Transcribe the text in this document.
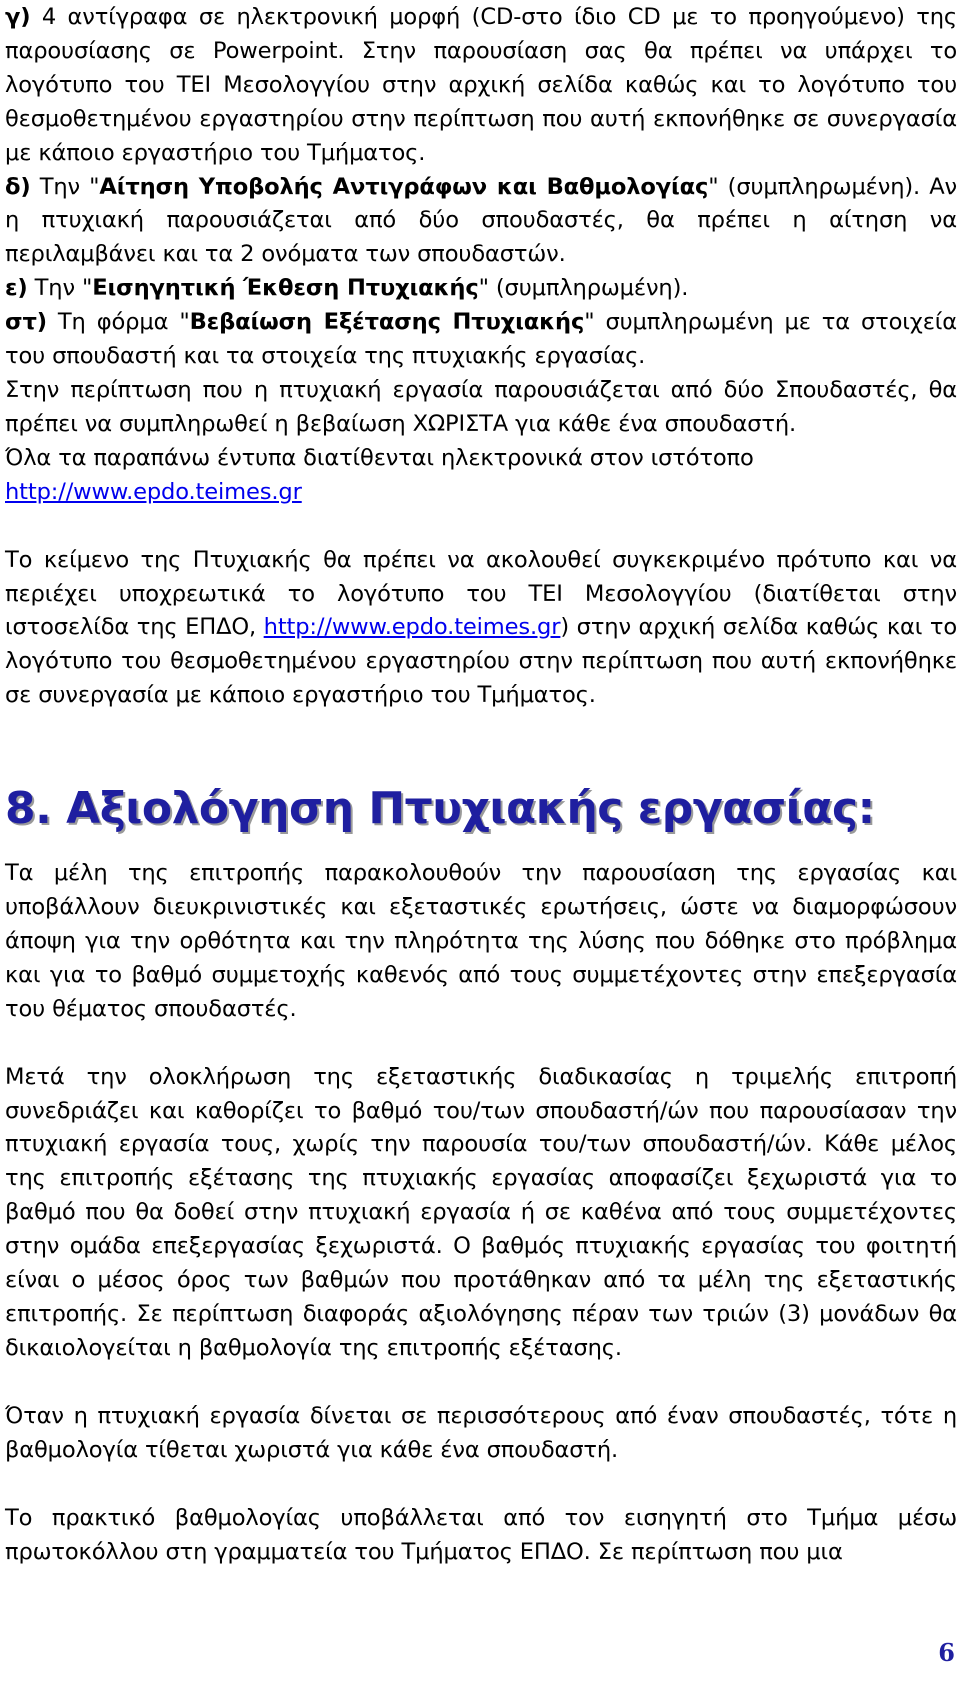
γ) 4 αντίγραφα σε ηλεκτρονική μορφή (CD-στο ίδιο CD με το προηγούμενο) της παρουσίασης σε Powerpoint. Στην παρουσίαση σας θα πρέπει να υπάρχει το λογότυπο του ΤΕΙ Μεσολογγίου στην αρχική σελίδα καθώς και το λογότυπο του θεσμοθετημένου εργαστηρίου στην περίπτωση που αυτή εκπονήθηκε σε συνεργασία με κάποιο εργαστήριο του Τμήματος.

δ) Την "Αίτηση Υποβολής Αντιγράφων και Βαθμολογίας" (συμπληρωμένη). Αν η πτυχιακή παρουσιάζεται από δύο σπουδαστές, θα πρέπει η αίτηση να περιλαμβάνει και τα 2 ονόματα των σπουδαστών.

ε) Την "Εισηγητική Έκθεση Πτυχιακής" (συμπληρωμένη).

στ) Τη φόρμα "Βεβαίωση Εξέτασης Πτυχιακής" συμπληρωμένη με τα στοιχεία του σπουδαστή και τα στοιχεία της πτυχιακής εργασίας.

Στην περίπτωση που η πτυχιακή εργασία παρουσιάζεται από δύο Σπουδαστές, θα πρέπει να συμπληρωθεί η βεβαίωση ΧΩΡΙΣΤΑ για κάθε ένα σπουδαστή.

Όλα τα παραπάνω έντυπα διατίθενται ηλεκτρονικά στον ιστότοπο

http://www.epdo.teimes.gr

Το κείμενο της Πτυχιακής θα πρέπει να ακολουθεί συγκεκριμένο πρότυπο και να περιέχει υποχρεωτικά το λογότυπο του ΤΕΙ Μεσολογγίου (διατίθεται στην ιστοσελίδα της ΕΠΔΟ, http://www.epdo.teimes.gr) στην αρχική σελίδα καθώς και το λογότυπο του θεσμοθετημένου εργαστηρίου στην περίπτωση που αυτή εκπονήθηκε σε συνεργασία με κάποιο εργαστήριο του Τμήματος.

8. Αξιολόγηση Πτυχιακής εργασίας:

Τα μέλη της επιτροπής παρακολουθούν την παρουσίαση της εργασίας και υποβάλλουν διευκρινιστικές και εξεταστικές ερωτήσεις, ώστε να διαμορφώσουν άποψη για την ορθότητα και την πληρότητα της λύσης που δόθηκε στο πρόβλημα και για το βαθμό συμμετοχής καθενός από τους συμμετέχοντες στην επεξεργασία του θέματος σπουδαστές.

Μετά την ολοκλήρωση της εξεταστικής διαδικασίας η τριμελής επιτροπή συνεδριάζει και καθορίζει το βαθμό του/των σπουδαστή/ών που παρουσίασαν την πτυχιακή εργασία τους, χωρίς την παρουσία του/των σπουδαστή/ών. Κάθε μέλος της επιτροπής εξέτασης της πτυχιακής εργασίας αποφασίζει ξεχωριστά για το βαθμό που θα δοθεί στην πτυχιακή εργασία ή σε καθένα από τους συμμετέχοντες στην ομάδα επεξεργασίας ξεχωριστά. Ο βαθμός πτυχιακής εργασίας του φοιτητή είναι ο μέσος όρος των βαθμών που προτάθηκαν από τα μέλη της εξεταστικής επιτροπής. Σε περίπτωση διαφοράς αξιολόγησης πέραν των τριών (3) μονάδων θα δικαιολογείται η βαθμολογία της επιτροπής εξέτασης.

Όταν η πτυχιακή εργασία δίνεται σε περισσότερους από έναν σπουδαστές, τότε η βαθμολογία τίθεται χωριστά για κάθε ένα σπουδαστή.

Το πρακτικό βαθμολογίας υποβάλλεται από τον εισηγητή στο Τμήμα μέσω πρωτοκόλλου στη γραμματεία του Τμήματος ΕΠΔΟ. Σε περίπτωση που μια

6
